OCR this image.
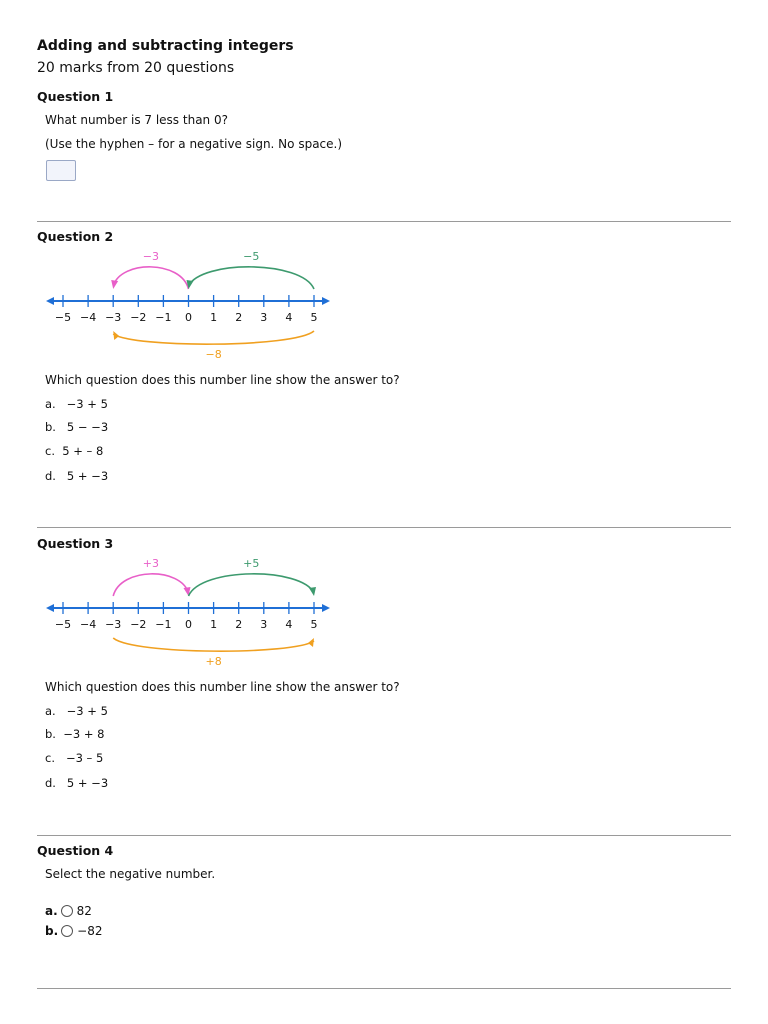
Adding and subtracting integers
20 marks from 20 questions
Question 1
What number is 7 less than 0?
(Use the hyphen – for a negative sign. No space.)
Question 2
−5 −4 −3 −2 −1 0 1 2 3 4 5
−3	−5
−8
Which question does this number line show the answer to?
a.   −3 + 5
b.   5 − −3
c.  5 + – 8
d.   5 + −3
Question 3
−5 −4 −3 −2 −1 0 1 2 3 4 5
+3	+5
+8
Which question does this number line show the answer to?
a.   −3 + 5
b.  −3 + 8
c.   −3 – 5
d.   5 + −3
Question 4
Select the negative number.
a. 82
b. −82
